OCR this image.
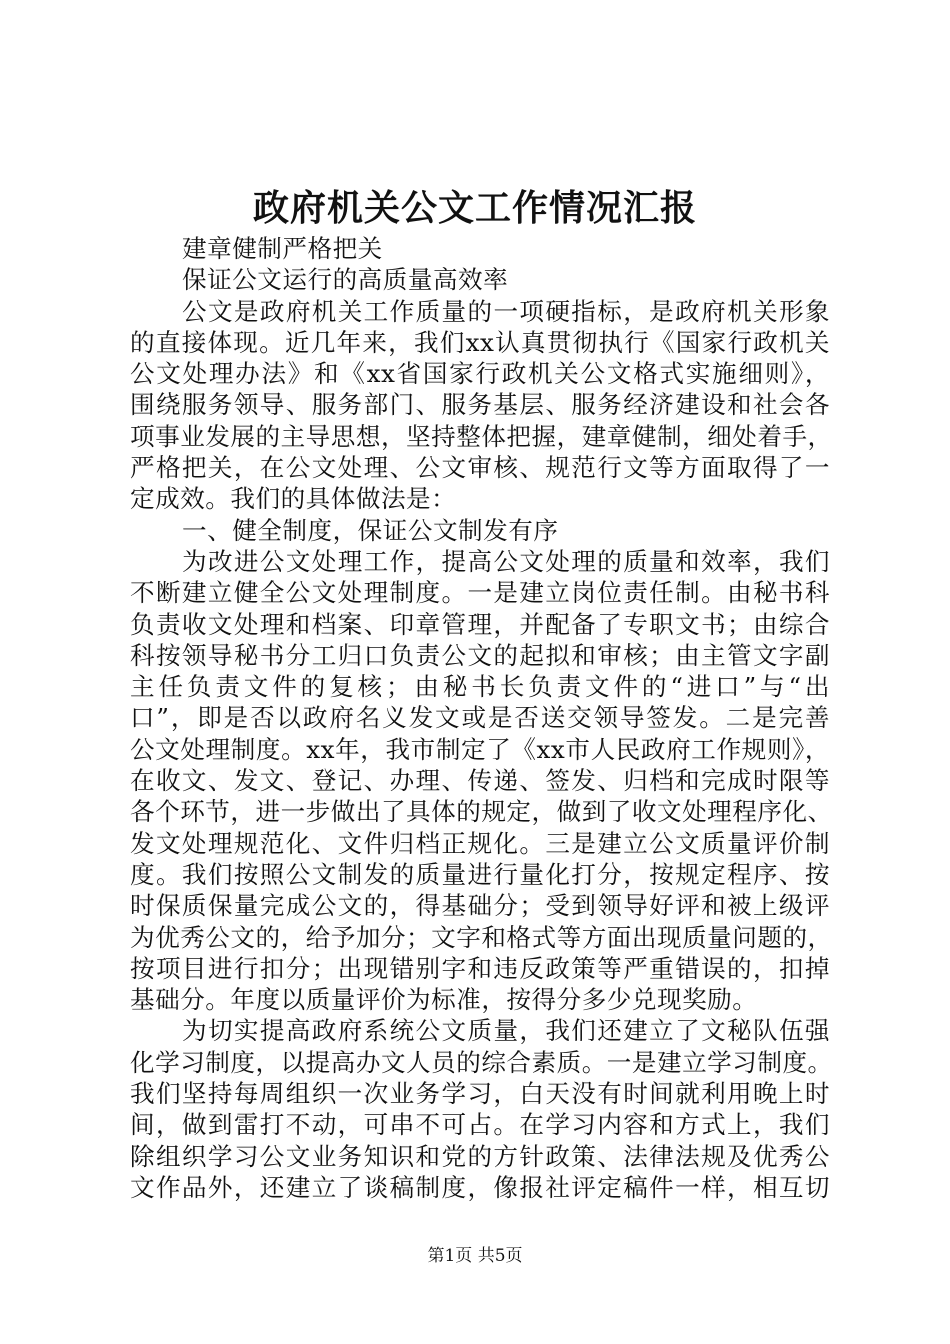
政府机关公文工作情况汇报
建章健制严格把关
保证公文运行的高质量高效率
公文是政府机关工作质量的一项硬指标，是政府机关形象
的直接体现。近几年来，我们xx认真贯彻执行《国家行政机关
公文处理办法》和《xx省国家行政机关公文格式实施细则》，
围绕服务领导、服务部门、服务基层、服务经济建设和社会各
项事业发展的主导思想，坚持整体把握，建章健制，细处着手，
严格把关，在公文处理、公文审核、规范行文等方面取得了一
定成效。我们的具体做法是：
一、健全制度，保证公文制发有序
为改进公文处理工作，提高公文处理的质量和效率，我们
不断建立健全公文处理制度。一是建立岗位责任制。由秘书科
负责收文处理和档案、印章管理，并配备了专职文书；由综合
科按领导秘书分工归口负责公文的起拟和审核；由主管文字副
主任负责文件的复核；由秘书长负责文件的“进口”与“出
口”，即是否以政府名义发文或是否送交领导签发。二是完善
公文处理制度。xx年，我市制定了《xx市人民政府工作规则》，
在收文、发文、登记、办理、传递、签发、归档和完成时限等
各个环节，进一步做出了具体的规定，做到了收文处理程序化、
发文处理规范化、文件归档正规化。三是建立公文质量评价制
度。我们按照公文制发的质量进行量化打分，按规定程序、按
时保质保量完成公文的，得基础分；受到领导好评和被上级评
为优秀公文的，给予加分；文字和格式等方面出现质量问题的，
按项目进行扣分；出现错别字和违反政策等严重错误的，扣掉
基础分。年度以质量评价为标准，按得分多少兑现奖励。
为切实提高政府系统公文质量，我们还建立了文秘队伍强
化学习制度，以提高办文人员的综合素质。一是建立学习制度。
我们坚持每周组织一次业务学习，白天没有时间就利用晚上时
间，做到雷打不动，可串不可占。在学习内容和方式上，我们
除组织学习公文业务知识和党的方针政策、法律法规及优秀公
文作品外，还建立了谈稿制度，像报社评定稿件一样，相互切
第1页 共5页
